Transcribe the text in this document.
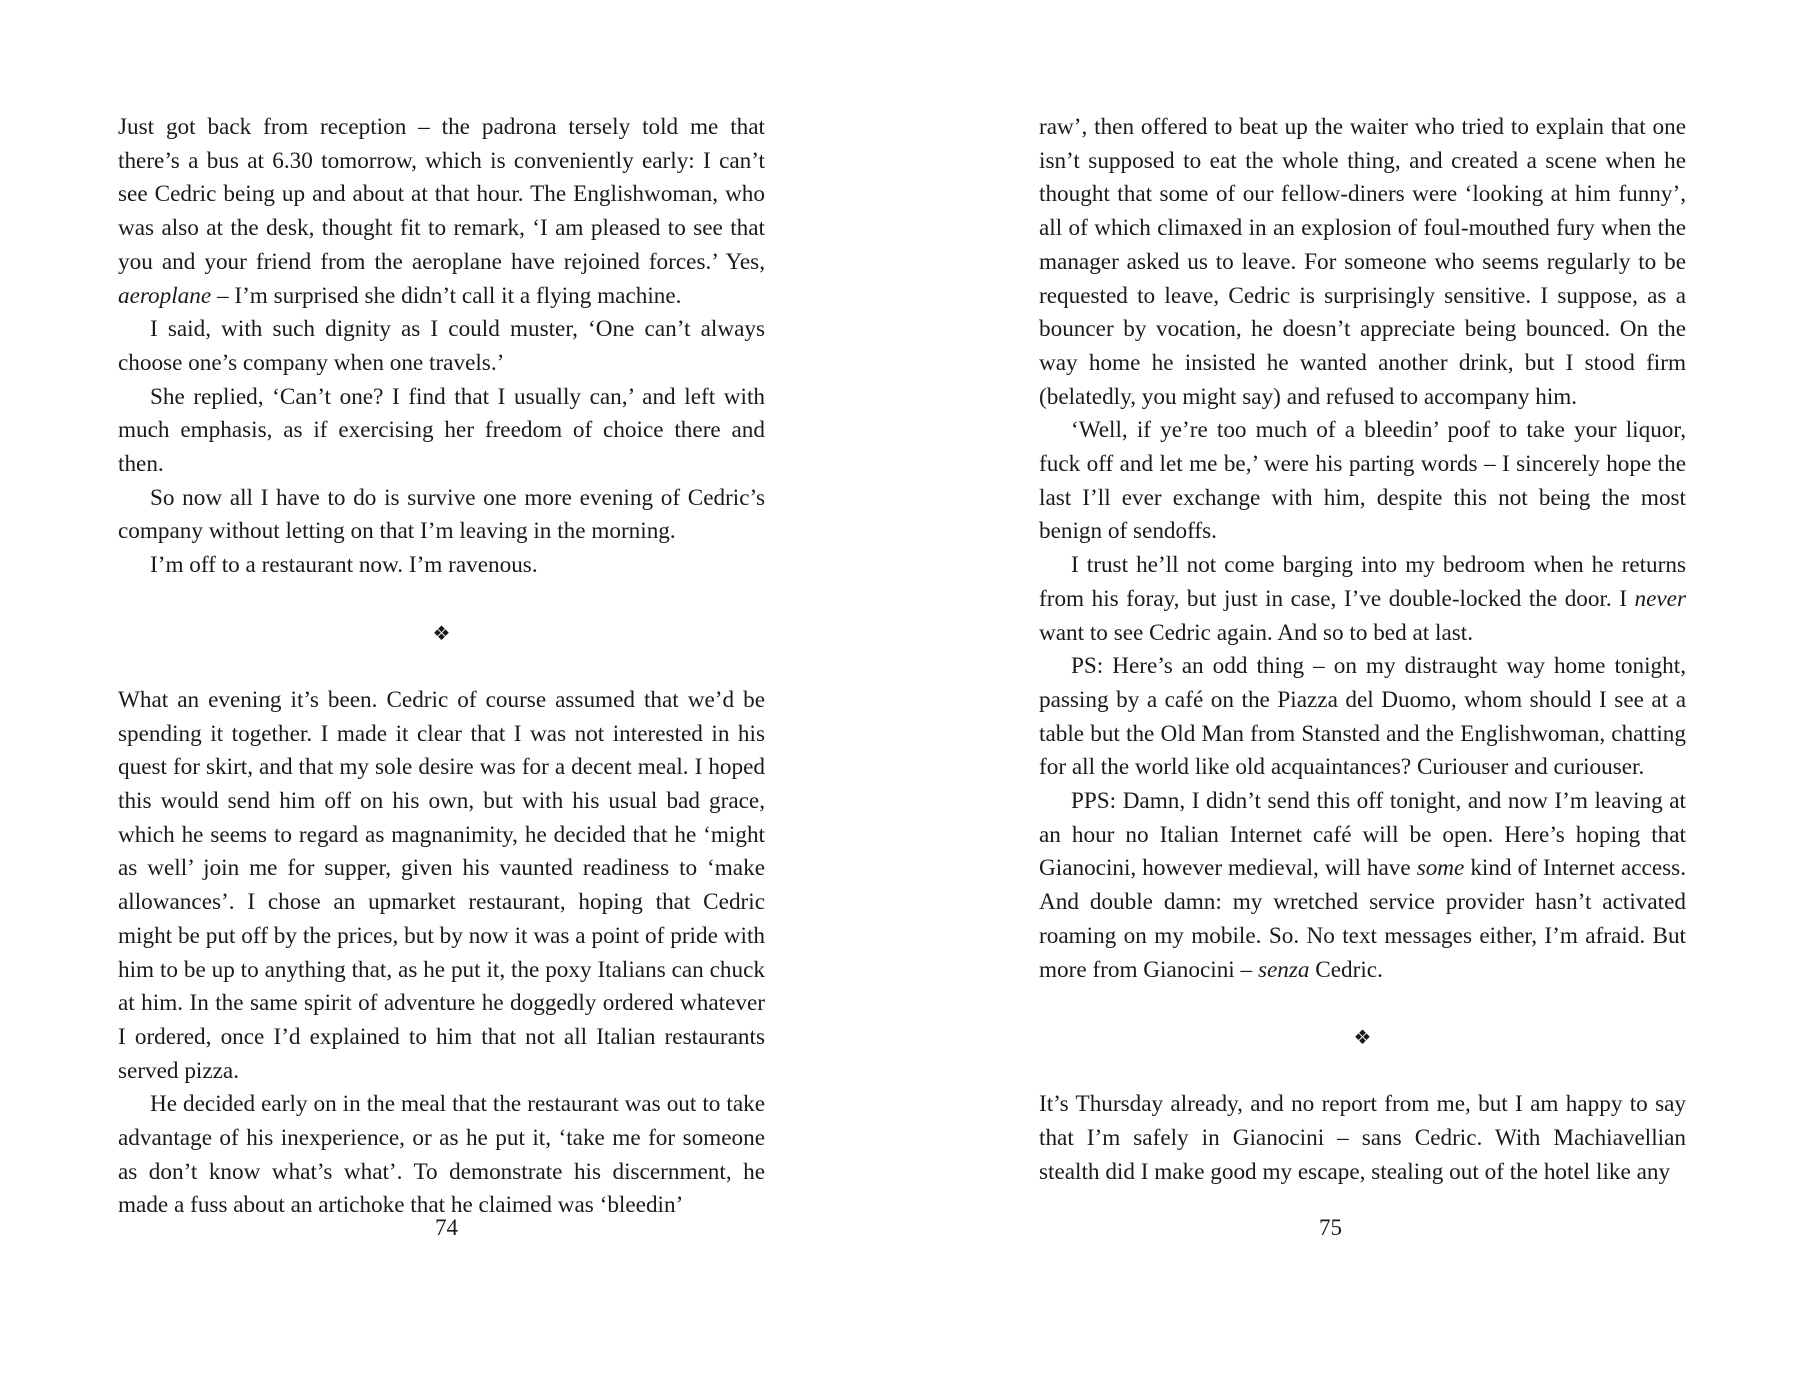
Just got back from reception – the padrona tersely told me that there’s a bus at 6.30 tomorrow, which is conveniently early: I can’t see Cedric being up and about at that hour. The Englishwoman, who was also at the desk, thought fit to remark, ‘I am pleased to see that you and your friend from the aeroplane have rejoined forces.’ Yes, aeroplane – I’m surprised she didn’t call it a flying machine.

I said, with such dignity as I could muster, ‘One can’t always choose one’s company when one travels.’

She replied, ‘Can’t one? I find that I usually can,’ and left with much emphasis, as if exercising her freedom of choice there and then.

So now all I have to do is survive one more evening of Cedric’s company without letting on that I’m leaving in the morning.

I’m off to a restaurant now. I’m ravenous.

❖

What an evening it’s been. Cedric of course assumed that we’d be spending it together. I made it clear that I was not interested in his quest for skirt, and that my sole desire was for a decent meal. I hoped this would send him off on his own, but with his usual bad grace, which he seems to regard as magnanimity, he decided that he ‘might as well’ join me for supper, given his vaunted readiness to ‘make allowances’. I chose an upmarket restaurant, hoping that Cedric might be put off by the prices, but by now it was a point of pride with him to be up to anything that, as he put it, the poxy Italians can chuck at him. In the same spirit of adventure he doggedly ordered whatever I ordered, once I’d explained to him that not all Italian restaurants served pizza.

He decided early on in the meal that the restaurant was out to take advantage of his inexperience, or as he put it, ‘take me for someone as don’t know what’s what’. To demonstrate his discernment, he made a fuss about an artichoke that he claimed was ‘bleedin’

74

raw’, then offered to beat up the waiter who tried to explain that one isn’t supposed to eat the whole thing, and created a scene when he thought that some of our fellow-diners were ‘looking at him funny’, all of which climaxed in an explosion of foul-mouthed fury when the manager asked us to leave. For someone who seems regularly to be requested to leave, Cedric is surprisingly sensitive. I suppose, as a bouncer by vocation, he doesn’t appreciate being bounced. On the way home he insisted he wanted another drink, but I stood firm (belatedly, you might say) and refused to accompany him.

‘Well, if ye’re too much of a bleedin’ poof to take your liquor, fuck off and let me be,’ were his parting words – I sincerely hope the last I’ll ever exchange with him, despite this not being the most benign of sendoffs.

I trust he’ll not come barging into my bedroom when he returns from his foray, but just in case, I’ve double-locked the door. I never want to see Cedric again. And so to bed at last.

PS: Here’s an odd thing – on my distraught way home tonight, passing by a café on the Piazza del Duomo, whom should I see at a table but the Old Man from Stansted and the Englishwoman, chatting for all the world like old acquaintances? Curiouser and curiouser.

PPS: Damn, I didn’t send this off tonight, and now I’m leaving at an hour no Italian Internet café will be open. Here’s hoping that Gianocini, however medieval, will have some kind of Internet access. And double damn: my wretched service provider hasn’t activated roaming on my mobile. So. No text messages either, I’m afraid. But more from Gianocini – senza Cedric.

❖

It’s Thursday already, and no report from me, but I am happy to say that I’m safely in Gianocini – sans Cedric. With Machiavellian stealth did I make good my escape, stealing out of the hotel like any

75
